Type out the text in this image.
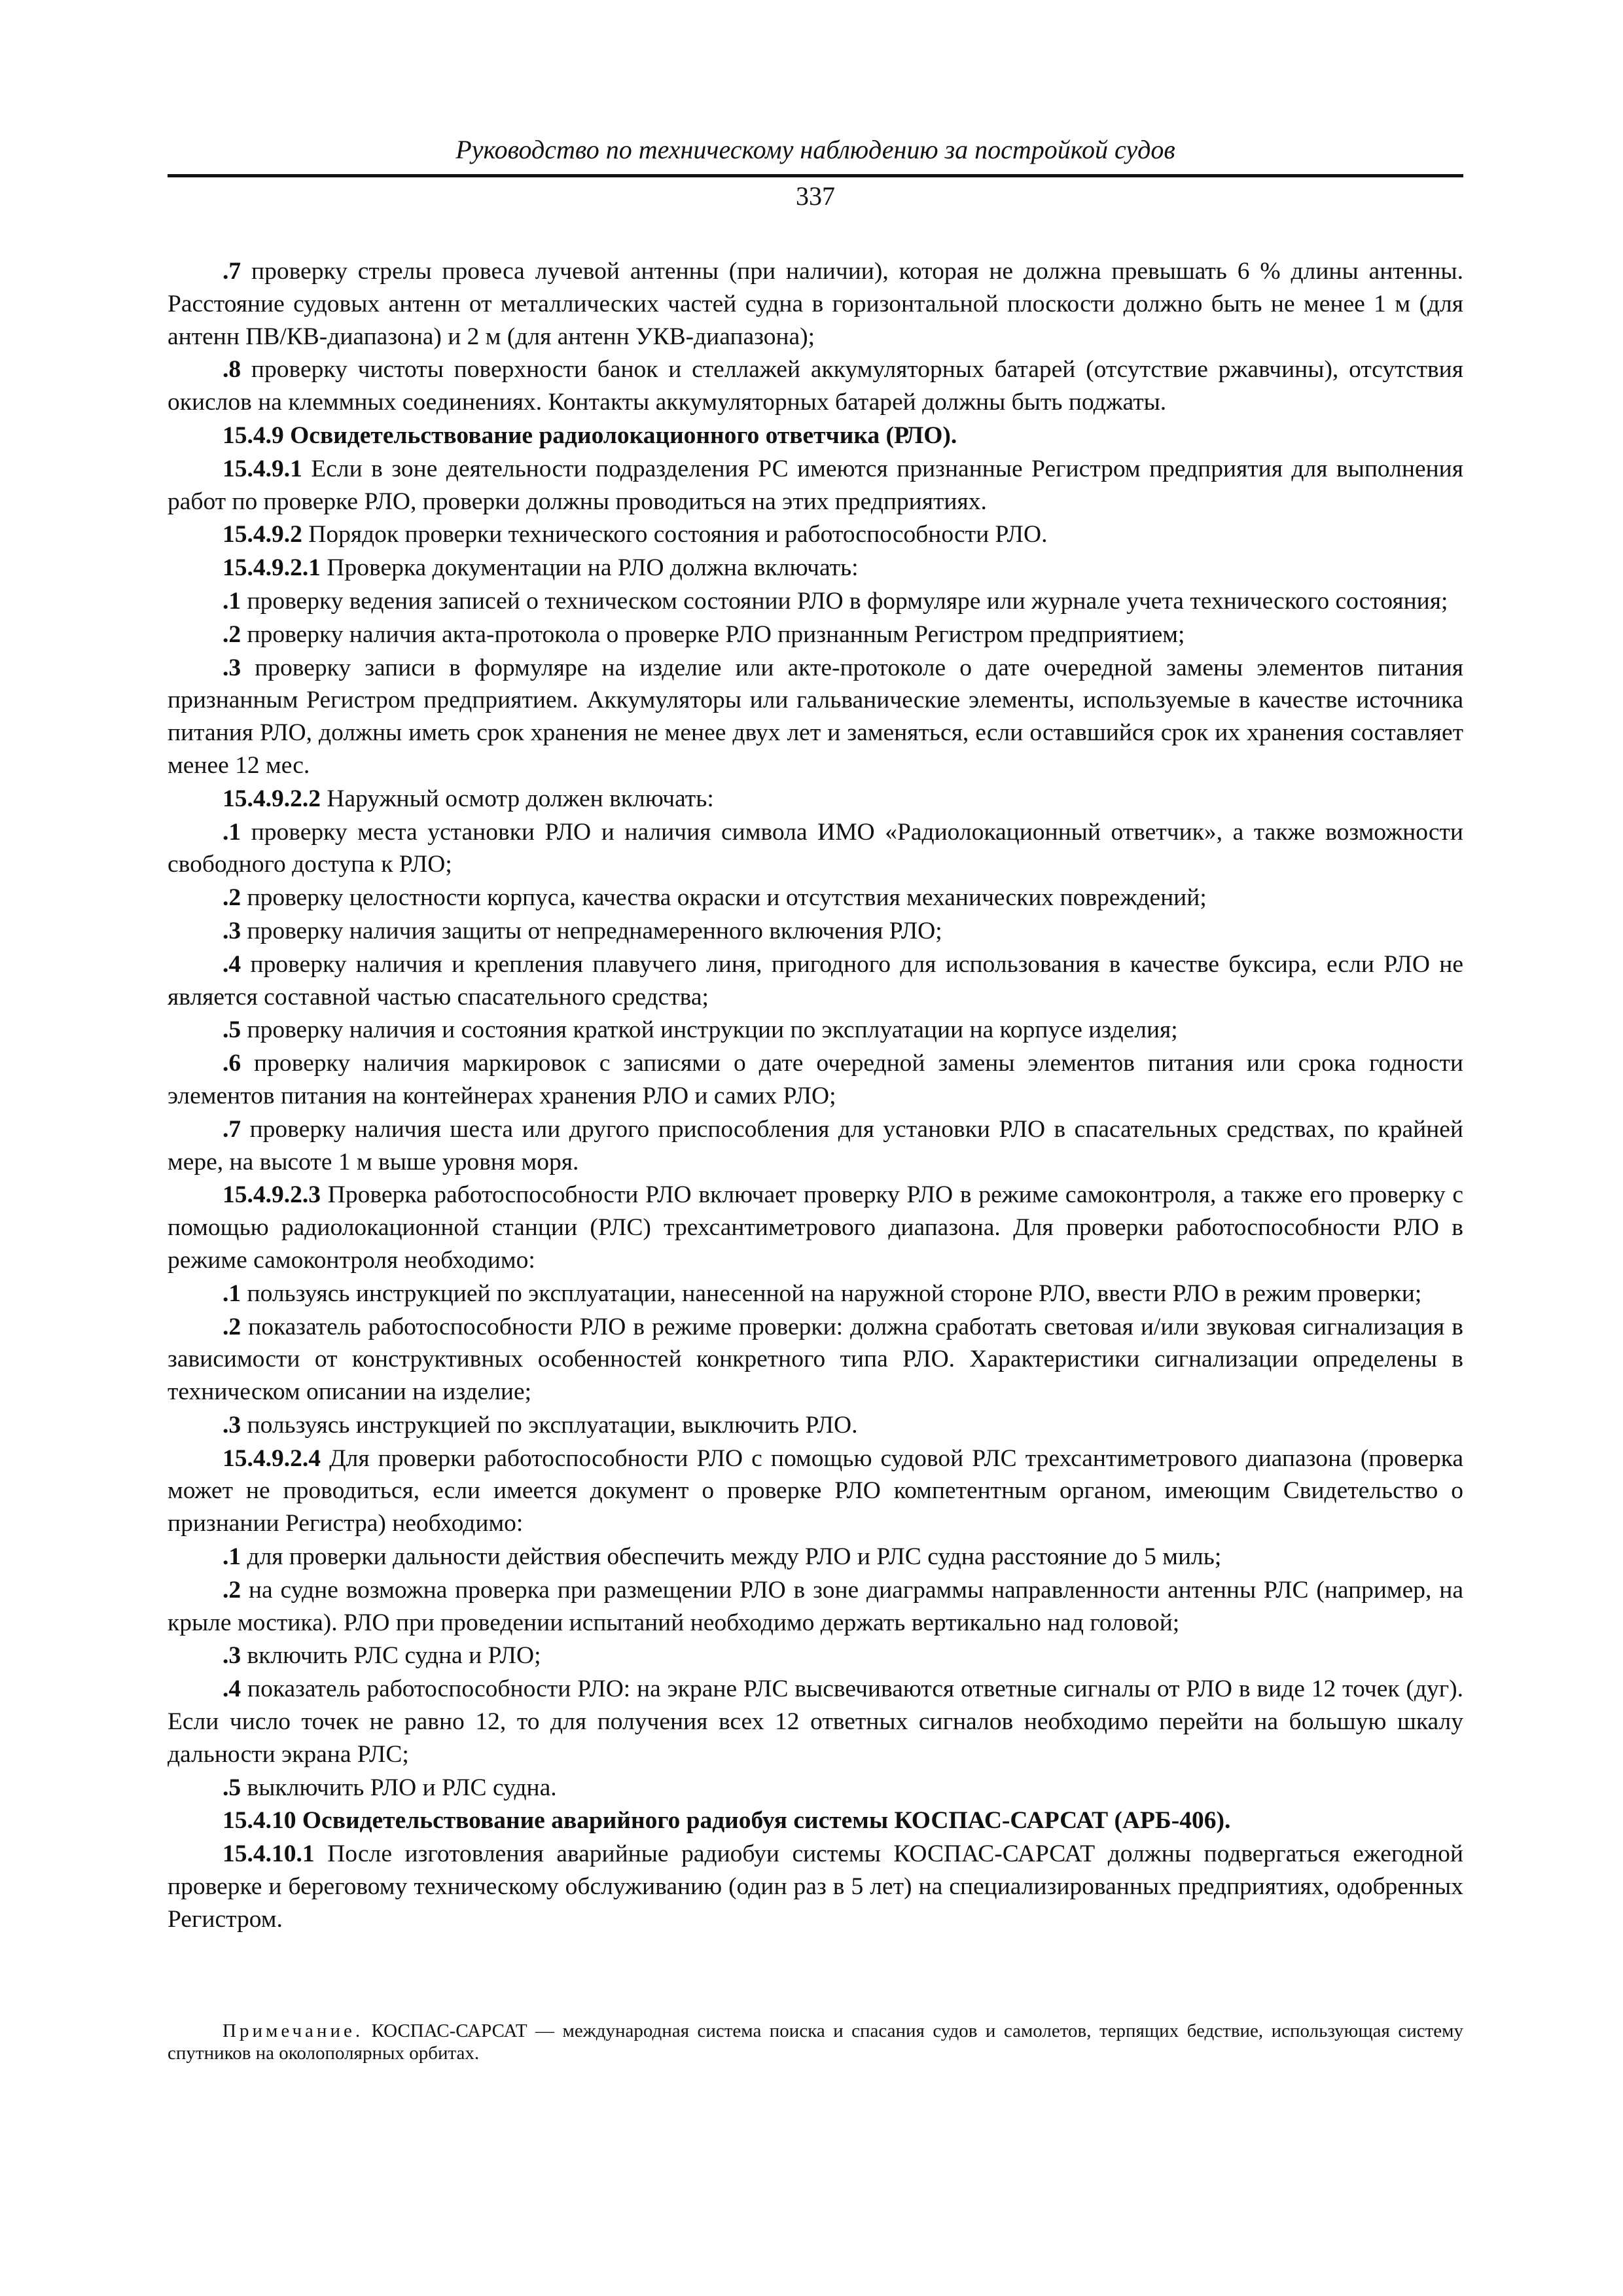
Руководство по техническому наблюдению за постройкой судов
337

.7 проверку стрелы провеса лучевой антенны (при наличии), которая не должна превышать 6 % длины антенны. Расстояние судовых антенн от металлических частей судна в горизонтальной плоскости должно быть не менее 1 м (для антенн ПВ/КВ-диапазона) и 2 м (для антенн УКВ-диапазона);

.8 проверку чистоты поверхности банок и стеллажей аккумуляторных батарей (отсутствие ржавчины), отсутствия окислов на клеммных соединениях. Контакты аккумуляторных батарей должны быть поджаты.

15.4.9 Освидетельствование радиолокационного ответчика (РЛО).

15.4.9.1 Если в зоне деятельности подразделения РС имеются признанные Регистром предприятия для выполнения работ по проверке РЛО, проверки должны проводиться на этих предприятиях.

15.4.9.2 Порядок проверки технического состояния и работоспособности РЛО.

15.4.9.2.1 Проверка документации на РЛО должна включать:

.1 проверку ведения записей о техническом состоянии РЛО в формуляре или журнале учета технического состояния;

.2 проверку наличия акта-протокола о проверке РЛО признанным Регистром предприятием;

.3 проверку записи в формуляре на изделие или акте-протоколе о дате очередной замены элементов питания признанным Регистром предприятием. Аккумуляторы или гальванические элементы, используемые в качестве источника питания РЛО, должны иметь срок хранения не менее двух лет и заменяться, если оставшийся срок их хранения составляет менее 12 мес.

15.4.9.2.2 Наружный осмотр должен включать:

.1 проверку места установки РЛО и наличия символа ИМО «Радиолокационный ответчик», а также возможности свободного доступа к РЛО;

.2 проверку целостности корпуса, качества окраски и отсутствия механических повреждений;

.3 проверку наличия защиты от непреднамеренного включения РЛО;

.4 проверку наличия и крепления плавучего линя, пригодного для использования в качестве буксира, если РЛО не является составной частью спасательного средства;

.5 проверку наличия и состояния краткой инструкции по эксплуатации на корпусе изделия;

.6 проверку наличия маркировок с записями о дате очередной замены элементов питания или срока годности элементов питания на контейнерах хранения РЛО и самих РЛО;

.7 проверку наличия шеста или другого приспособления для установки РЛО в спасательных средствах, по крайней мере, на высоте 1 м выше уровня моря.

15.4.9.2.3 Проверка работоспособности РЛО включает проверку РЛО в режиме самоконтроля, а также его проверку с помощью радиолокационной станции (РЛС) трехсантиметрового диапазона. Для проверки работоспособности РЛО в режиме самоконтроля необходимо:

.1 пользуясь инструкцией по эксплуатации, нанесенной на наружной стороне РЛО, ввести РЛО в режим проверки;

.2 показатель работоспособности РЛО в режиме проверки: должна сработать световая и/или звуковая сигнализация в зависимости от конструктивных особенностей конкретного типа РЛО. Характеристики сигнализации определены в техническом описании на изделие;

.3 пользуясь инструкцией по эксплуатации, выключить РЛО.

15.4.9.2.4 Для проверки работоспособности РЛО с помощью судовой РЛС трехсантиметрового диапазона (проверка может не проводиться, если имеется документ о проверке РЛО компетентным органом, имеющим Свидетельство о признании Регистра) необходимо:

.1 для проверки дальности действия обеспечить между РЛО и РЛС судна расстояние до 5 миль;

.2 на судне возможна проверка при размещении РЛО в зоне диаграммы направленности антенны РЛС (например, на крыле мостика). РЛО при проведении испытаний необходимо держать вертикально над головой;

.3 включить РЛС судна и РЛО;

.4 показатель работоспособности РЛО: на экране РЛС высвечиваются ответные сигналы от РЛО в виде 12 точек (дуг). Если число точек не равно 12, то для получения всех 12 ответных сигналов необходимо перейти на большую шкалу дальности экрана РЛС;

.5 выключить РЛО и РЛС судна.

15.4.10 Освидетельствование аварийного радиобуя системы КОСПАС-САРСАТ (АРБ-406).

15.4.10.1 После изготовления аварийные радиобуи системы КОСПАС-САРСАТ должны подвергаться ежегодной проверке и береговому техническому обслуживанию (один раз в 5 лет) на специализированных предприятиях, одобренных Регистром.

Примечание. КОСПАС-САРСАТ — международная система поиска и спасания судов и самолетов, терпящих бедствие, использующая систему спутников на околополярных орбитах.
